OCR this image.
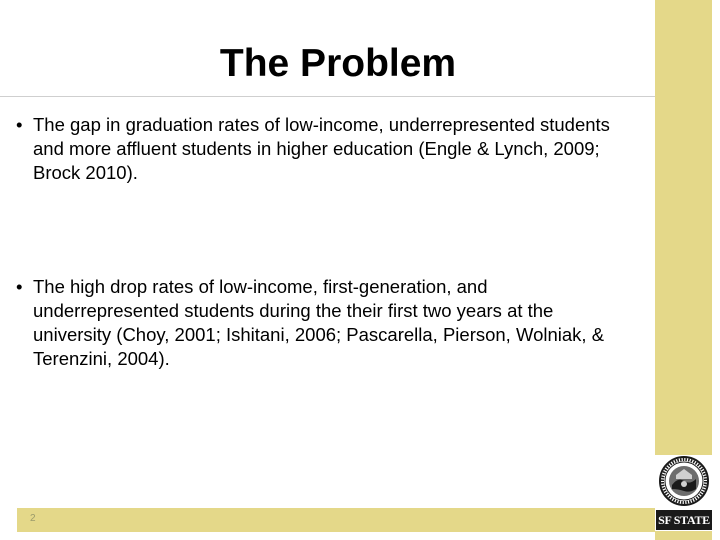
The Problem
• The gap in graduation rates of low-income, underrepresented students and more affluent students in higher education (Engle & Lynch, 2009; Brock 2010).
• The high drop rates of low-income, first-generation, and underrepresented students during the their first two years at the university (Choy, 2001; Ishitani, 2006; Pascarella, Pierson, Wolniak, & Terenzini, 2004).
2	SF STATE
